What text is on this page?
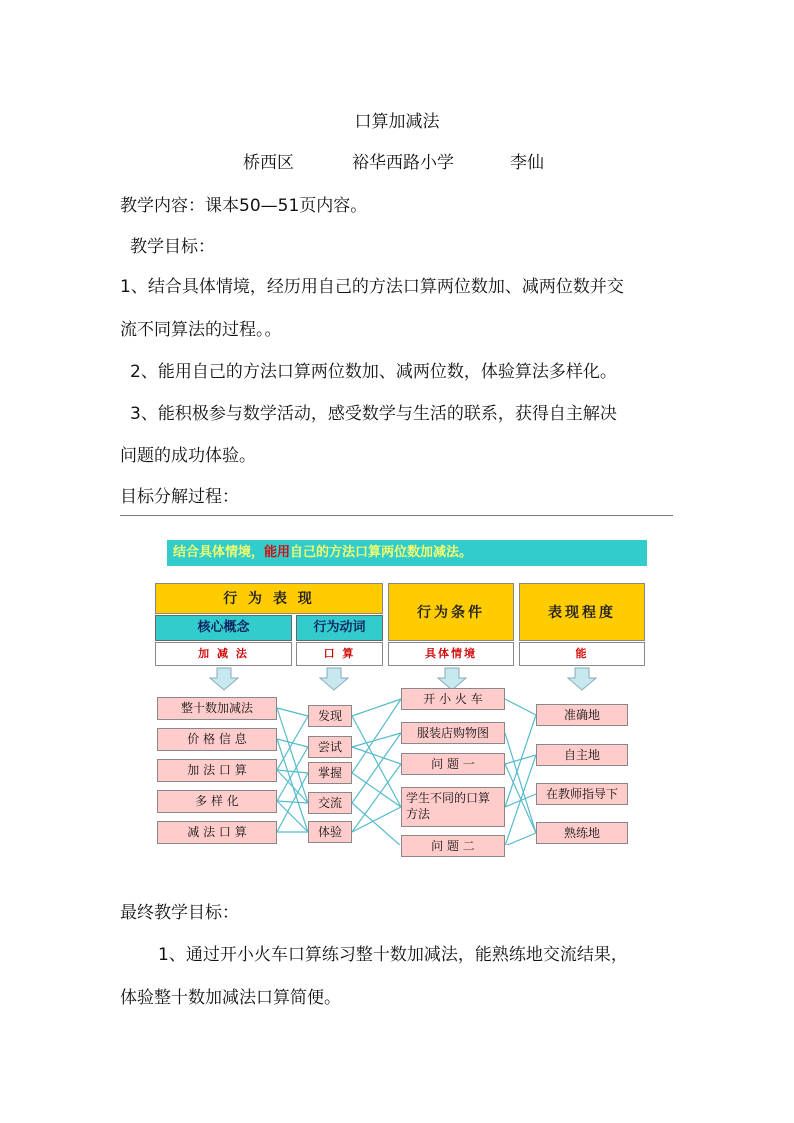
口算加减法
桥西区	裕华西路小学	李仙
教学内容：课本50—51页内容。
教学目标：
1、结合具体情境，经历用自己的方法口算两位数加、减两位数并交
流不同算法的过程。。
2、能用自己的方法口算两位数加、减两位数，体验算法多样化。
3、能积极参与数学活动，感受数学与生活的联系，获得自主解决
问题的成功体验。
目标分解过程：
结合具体情境，能用自己的方法口算两位数加减法。
行 为 表 现
行为条件	表现程度
核心概念	行为动词
加 减 法	口 算	具体情境	能
整十数加减法
价 格 信 息
加 法 口 算
多 样 化
减 法 口 算
发现
尝试
掌握
交流
体验
开 小 火 车
服装店购物图
问 题 一
学生不同的口算方法
问 题 二
准确地
自主地
在教师指导下
熟练地
最终教学目标：
1、通过开小火车口算练习整十数加减法，能熟练地交流结果，
体验整十数加减法口算简便。
